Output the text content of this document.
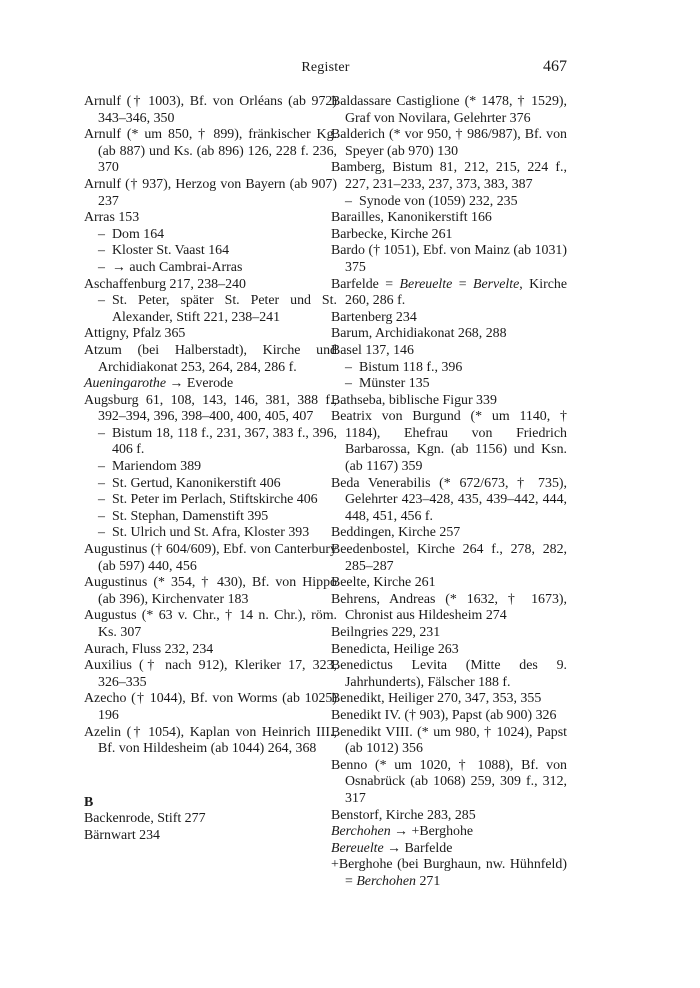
Register	467
Arnulf († 1003), Bf. von Orléans (ab 972) 343–346, 350
Arnulf (* um 850, † 899), fränkischer Kg. (ab 887) und Ks. (ab 896) 126, 228 f. 236, 370
Arnulf († 937), Herzog von Bayern (ab 907) 237
Arras 153
– Dom 164
– Kloster St. Vaast 164
– → auch Cambrai-Arras
Aschaffenburg 217, 238–240
– St. Peter, später St. Peter und St. Alexander, Stift 221, 238–241
Attigny, Pfalz 365
Atzum (bei Halberstadt), Kirche und Archidiakonat 253, 264, 284, 286 f.
Aueningarothe → Everode
Augsburg 61, 108, 143, 146, 381, 388 f., 392–394, 396, 398–400, 400, 405, 407
– Bistum 18, 118 f., 231, 367, 383 f., 396, 406 f.
– Mariendom 389
– St. Gertud, Kanonikerstift 406
– St. Peter im Perlach, Stiftskirche 406
– St. Stephan, Damenstift 395
– St. Ulrich und St. Afra, Kloster 393
Augustinus († 604/609), Ebf. von Canterbury (ab 597) 440, 456
Augustinus (* 354, † 430), Bf. von Hippo (ab 396), Kirchenvater 183
Augustus (* 63 v. Chr., † 14 n. Chr.), röm. Ks. 307
Aurach, Fluss 232, 234
Auxilius († nach 912), Kleriker 17, 323, 326–335
Azecho († 1044), Bf. von Worms (ab 1025) 196
Azelin († 1054), Kaplan von Heinrich III., Bf. von Hildesheim (ab 1044) 264, 368
B
Backenrode, Stift 277
Bärnwart 234
Baldassare Castiglione (* 1478, † 1529), Graf von Novilara, Gelehrter 376
Balderich (* vor 950, † 986/987), Bf. von Speyer (ab 970) 130
Bamberg, Bistum 81, 212, 215, 224 f., 227, 231–233, 237, 373, 383, 387
– Synode von (1059) 232, 235
Barailles, Kanonikerstift 166
Barbecke, Kirche 261
Bardo († 1051), Ebf. von Mainz (ab 1031) 375
Barfelde = Bereuelte = Bervelte, Kirche 260, 286 f.
Bartenberg 234
Barum, Archidiakonat 268, 288
Basel 137, 146
– Bistum 118 f., 396
– Münster 135
Bathseba, biblische Figur 339
Beatrix von Burgund (* um 1140, † 1184), Ehefrau von Friedrich Barbarossa, Kgn. (ab 1156) und Ksn. (ab 1167) 359
Beda Venerabilis (* 672/673, † 735), Gelehrter 423–428, 435, 439–442, 444, 448, 451, 456 f.
Beddingen, Kirche 257
Beedenbostel, Kirche 264 f., 278, 282, 285–287
Beelte, Kirche 261
Behrens, Andreas (* 1632, † 1673), Chronist aus Hildesheim 274
Beilngries 229, 231
Benedicta, Heilige 263
Benedictus Levita (Mitte des 9. Jahrhunderts), Fälscher 188 f.
Benedikt, Heiliger 270, 347, 353, 355
Benedikt IV. († 903), Papst (ab 900) 326
Benedikt VIII. (* um 980, † 1024), Papst (ab 1012) 356
Benno (* um 1020, † 1088), Bf. von Osnabrück (ab 1068) 259, 309 f., 312, 317
Benstorf, Kirche 283, 285
Berchohen → +Berghohe
Bereuelte → Barfelde
+Berghohe (bei Burghaun, nw. Hühnfeld) = Berchohen 271
